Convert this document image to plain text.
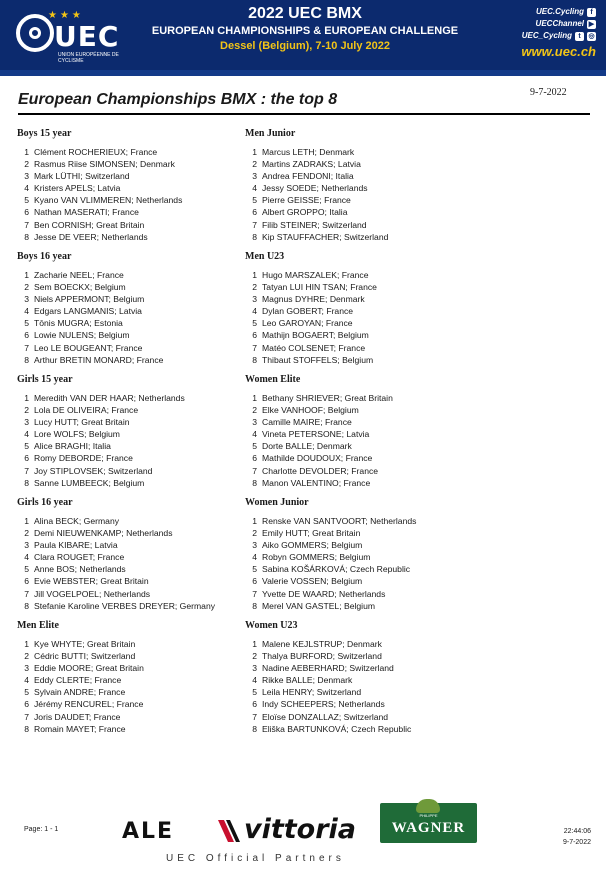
★★★
UEC
UNION EUROPÉENNE DE CYCLISME
2022 UEC BMX
EUROPEAN CHAMPIONSHIPS & EUROPEAN CHALLENGE
Dessel (Belgium), 7-10 July 2022
UEC.Cycling f
UECChannel ▶
UEC_Cycling t	◎
www.uec.ch
9-7-2022
European Championships BMX : the top 8
Boys 15 year
1 Clément ROCHERIEUX; France
2 Rasmus Riise SIMONSEN; Denmark
3 Mark LÜTHI; Switzerland
4 Kristers APELS; Latvia
5 Kyano VAN VLIMMEREN; Netherlands
6 Nathan MASERATI; France
7 Ben CORNISH; Great Britain
8 Jesse DE VEER; Netherlands
Boys 16 year
1 Zacharie NEEL; France
2 Sem BOECKX; Belgium
3 Niels APPERMONT; Belgium
4 Edgars LANGMANIS; Latvia
5 Tōnis MUGRA; Estonia
6 Lowie NULENS; Belgium
7 Leo LE BOUGEANT; France
8 Arthur BRETIN MONARD; France
Girls 15 year
1 Meredith VAN DER HAAR; Netherlands
2 Lola DE OLIVEIRA; France
3 Lucy HUTT; Great Britain
4 Lore WOLFS; Belgium
5 Alice BRAGHI; Italia
6 Romy DEBORDE; France
7 Joy STIPLOVSEK; Switzerland
8 Sanne LUMBEECK; Belgium
Girls 16 year
1 Alina BECK; Germany
2 Demi NIEUWENKAMP; Netherlands
3 Paula KIBARE; Latvia
4 Clara ROUGET; France
5 Anne BOS; Netherlands
6 Evie WEBSTER; Great Britain
7 Jill VOGELPOEL; Netherlands
8 Stefanie Karoline VERBES DREYER; Germany
Men Elite
1 Kye WHYTE; Great Britain
2 Cédric BUTTI; Switzerland
3 Eddie MOORE; Great Britain
4 Eddy CLERTE; France
5 Sylvain ANDRE; France
6 Jérémy RENCUREL; France
7 Joris DAUDET; France
8 Romain MAYET; France
Men Junior
1 Marcus LETH; Denmark
2 Martins ZADRAKS; Latvia
3 Andrea FENDONI; Italia
4 Jessy SOEDE; Netherlands
5 Pierre GEISSE; France
6 Albert GROPPO; Italia
7 Filib STEINER; Switzerland
8 Kip STAUFFACHER; Switzerland
Men U23
1 Hugo MARSZALEK; France
2 Tatyan LUI HIN TSAN; France
3 Magnus DYHRE; Denmark
4 Dylan GOBERT; France
5 Leo GAROYAN; France
6 Mathijn BOGAERT; Belgium
7 Matéo COLSENET; France
8 Thibaut STOFFELS; Belgium
Women Elite
1 Bethany SHRIEVER; Great Britain
2 Elke VANHOOF; Belgium
3 Camille MAIRE; France
4 Vineta PETERSONE; Latvia
5 Dorte BALLE; Denmark
6 Mathilde DOUDOUX; France
7 Charlotte DEVOLDER; France
8 Manon VALENTINO; France
Women Junior
1 Renske VAN SANTVOORT; Netherlands
2 Emily HUTT; Great Britain
3 Aiko GOMMERS; Belgium
4 Robyn GOMMERS; Belgium
5 Sabina KOŠÁRKOVÁ; Czech Republic
6 Valerie VOSSEN; Belgium
7 Yvette DE WAARD; Netherlands
8 Merel VAN GASTEL; Belgium
Women U23
1 Malene KEJLSTRUP; Denmark
2 Thalya BURFORD; Switzerland
3 Nadine AEBERHARD; Switzerland
4 Rikke BALLE; Denmark
5 Leila HENRY; Switzerland
6 Indy SCHEEPERS; Netherlands
7 Eloïse DONZALLAZ; Switzerland
8 Eliška BARTUNKOVÁ; Czech Republic
Page: 1 - 1	ALE	vittoria	PHILIPPE
WAGNER
UEC Official Partners
22:44:06
9-7-2022
